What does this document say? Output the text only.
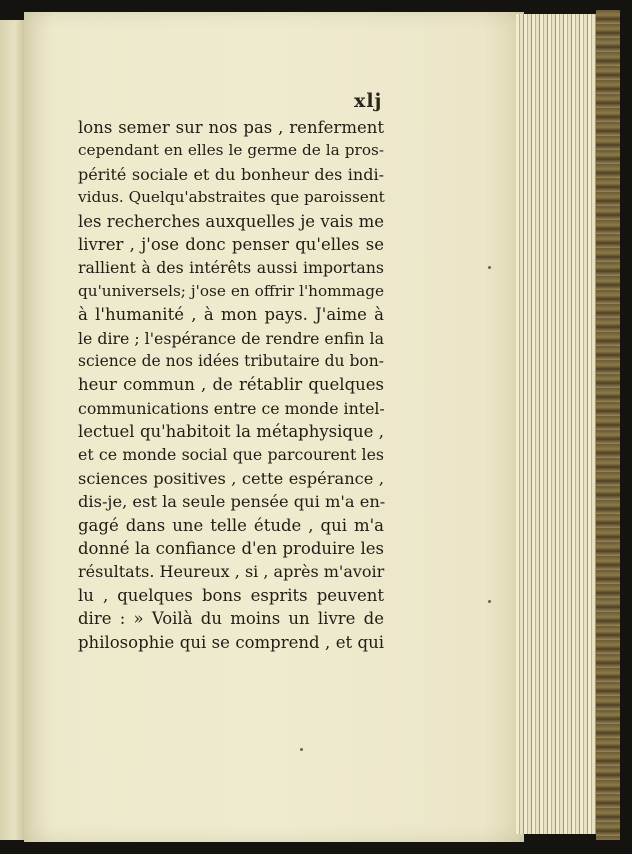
xlj
lons semer sur nos pas , renferment
cependant en elles le germe de la pros-
périté sociale et du bonheur des indi-
vidus. Quelqu'abstraites que paroissent
les recherches auxquelles je vais me
livrer , j'ose donc penser qu'elles se
rallient à des intérêts aussi importans
qu'universels; j'ose en offrir l'hommage
à l'humanité , à mon pays. J'aime à
le dire ; l'espérance de rendre enfin la
science de nos idées tributaire du bon-
heur commun , de rétablir quelques
communications entre ce monde intel-
lectuel qu'habitoit la métaphysique ,
et ce monde social que parcourent les
sciences positives , cette espérance ,
dis-je, est la seule pensée qui m'a en-
gagé dans une telle étude , qui m'a
donné la confiance d'en produire les
résultats. Heureux , si , après m'avoir
lu , quelques bons esprits peuvent
dire : » Voilà du moins un livre de
philosophie qui se comprend , et qui
